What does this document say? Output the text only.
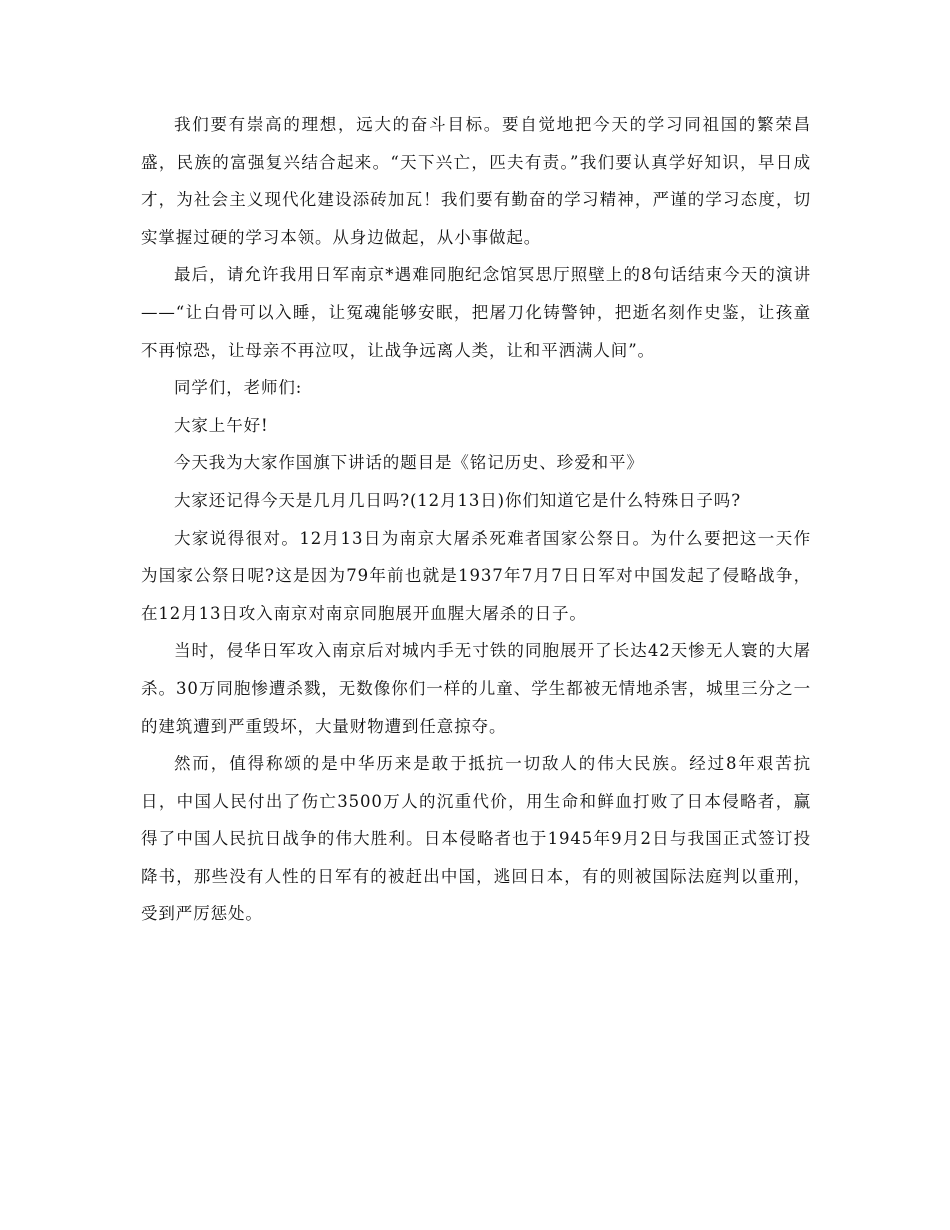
我们要有崇高的理想，远大的奋斗目标。要自觉地把今天的学习同祖国的繁荣昌盛，民族的富强复兴结合起来。“天下兴亡，匹夫有责。”我们要认真学好知识，早日成才，为社会主义现代化建设添砖加瓦！我们要有勤奋的学习精神，严谨的学习态度，切实掌握过硬的学习本领。从身边做起，从小事做起。

最后，请允许我用日军南京*遇难同胞纪念馆冥思厅照壁上的8句话结束今天的演讲——“让白骨可以入睡，让冤魂能够安眠，把屠刀化铸警钟，把逝名刻作史鉴，让孩童不再惊恐，让母亲不再泣叹，让战争远离人类，让和平洒满人间”。

同学们，老师们:

大家上午好!

今天我为大家作国旗下讲话的题目是《铭记历史、珍爱和平》

大家还记得今天是几月几日吗?(12月13日)你们知道它是什么特殊日子吗?

大家说得很对。12月13日为南京大屠杀死难者国家公祭日。为什么要把这一天作为国家公祭日呢?这是因为79年前也就是1937年7月7日日军对中国发起了侵略战争，在12月13日攻入南京对南京同胞展开血腥大屠杀的日子。

当时，侵华日军攻入南京后对城内手无寸铁的同胞展开了长达42天惨无人寰的大屠杀。30万同胞惨遭杀戮，无数像你们一样的儿童、学生都被无情地杀害，城里三分之一的建筑遭到严重毁坏，大量财物遭到任意掠夺。

然而，值得称颂的是中华历来是敢于抵抗一切敌人的伟大民族。经过8年艰苦抗日，中国人民付出了伤亡3500万人的沉重代价，用生命和鲜血打败了日本侵略者，赢得了中国人民抗日战争的伟大胜利。日本侵略者也于1945年9月2日与我国正式签订投降书，那些没有人性的日军有的被赶出中国，逃回日本，有的则被国际法庭判以重刑，受到严厉惩处。
